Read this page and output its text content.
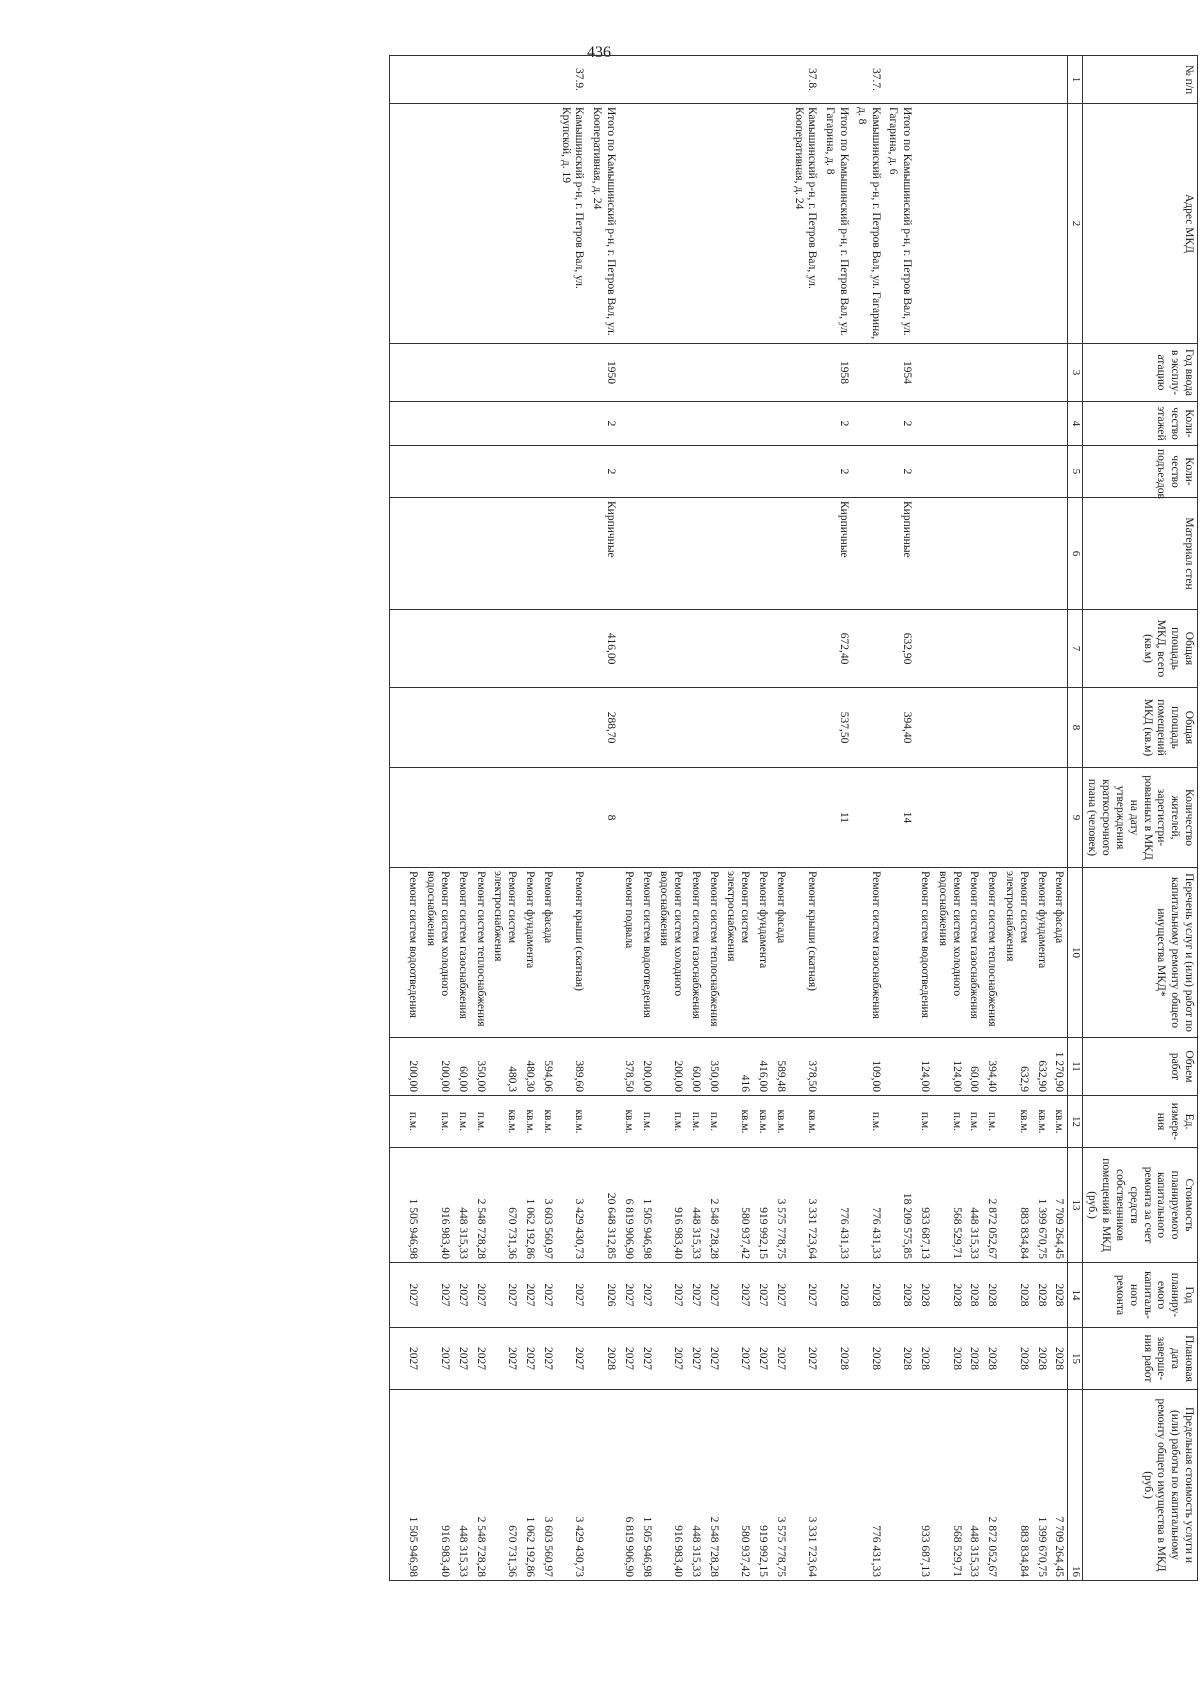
436
№ п/п	Адрес МКД	Год ввода в эксплу-атацию	Коли-чество этажей	Коли-чество подъездов	Материал стен	Общая площадь МКД, всего (кв.м)	Общая площадь помещений МКД (кв.м)	Количество жителей, зарегистри-рованных в МКД на дату утверждения краткосрочного плана (человек)	Перечень услуг и (или) работ по капитальному ремонту общего имущества МКД*	Объем работ	Ед. измере-ния	Стоимость планируемого капитального ремонта за счет средств собственников помещений в МКД (руб.)	Год планиру-емого капиталь-ного ремонта	Плановая дата заверше-ния работ	Предельная стоимость услуги и (или) работы по капитальному ремонту общего имущества в МКД (руб.)
1	2	3	4	5	6	7	8	9	10	11	12	13	14	15	16
									Ремонт фасада	1 270,90	кв.м.	7 709 264,45	2028	2028	7 709 264,45
									Ремонт фундамента	632,90	кв.м.	1 399 670,75	2028	2028	1 399 670,75
									Ремонт систем электроснабжения	632,9	кв.м.	883 834,84	2028	2028	883 834,84
									Ремонт систем теплоснабжения	394,40	п.м.	2 872 052,67	2028	2028	2 872 052,67
									Ремонт систем газоснабжения	60,00	п.м.	448 315,33	2028	2028	448 315,33
									Ремонт систем холодного водоснабжения	124,00	п.м.	568 529,71	2028	2028	568 529,71
									Ремонт систем водоотведения	124,00	п.м.	933 687,13	2028	2028	933 687,13
	Итого по Камышинский р-н, г. Петров Вал, ул. Гагарина, д. 6	1954	2	2	Кирпичные	632,90	394,40	14				18 209 575,85	2028	2028	
37.7.	Камышинский р-н, г. Петров Вал, ул. Гагарина, д. 8								Ремонт систем газоснабжения	109,00	п.м.	776 431,33	2028	2028	776 431,33
	Итого по Камышинский р-н, г. Петров Вал, ул. Гагарина, д. 8	1958	2	2	Кирпичные	672,40	537,50	11				776 431,33	2028	2028	
37.8.	Камышинский р-н, г. Петров Вал, ул. Кооперативная, д. 24								Ремонт крыши (скатная)	378,50	кв.м.	3 331 723,64	2027	2027	3 331 723,64
									Ремонт фасада	589,48	кв.м.	3 575 778,75	2027	2027	3 575 778,75
									Ремонт фундамента	416,00	кв.м.	919 992,15	2027	2027	919 992,15
									Ремонт систем электроснабжения	416	кв.м.	580 937,42	2027	2027	580 937,42
									Ремонт систем теплоснабжения	350,00	п.м.	2 548 728,28	2027	2027	2 548 728,28
									Ремонт систем газоснабжения	60,00	п.м.	448 315,33	2027	2027	448 315,33
									Ремонт систем холодного водоснабжения	200,00	п.м.	916 983,40	2027	2027	916 983,40
									Ремонт систем водоотведения	200,00	п.м.	1 505 946,98	2027	2027	1 505 946,98
									Ремонт подвала	378,50	кв.м.	6 819 906,90	2027	2027	6 819 906,90
	Итого по Камышинский р-н, г. Петров Вал, ул. Кооперативная, д. 24	1950	2	2	Кирпичные	416,00	288,70	8				20 648 312,85	2026	2028	
37.9.	Камышинский р-н, г. Петров Вал, ул. Крупской, д. 19								Ремонт крыши (скатная)	389,60	кв.м.	3 429 430,73	2027	2027	3 429 430,73
									Ремонт фасада	594,06	кв.м.	3 603 560,97	2027	2027	3 603 560,97
									Ремонт фундамента	480,30	кв.м.	1 062 192,86	2027	2027	1 062 192,86
									Ремонт систем электроснабжения	480,3	кв.м.	670 731,36	2027	2027	670 731,36
									Ремонт систем теплоснабжения	350,00	п.м.	2 548 728,28	2027	2027	2 548 728,28
									Ремонт систем газоснабжения	60,00	п.м.	448 315,33	2027	2027	448 315,33
									Ремонт систем холодного водоснабжения	200,00	п.м.	916 983,40	2027	2027	916 983,40
									Ремонт систем водоотведения	200,00	п.м.	1 505 946,98	2027	2027	1 505 946,98
